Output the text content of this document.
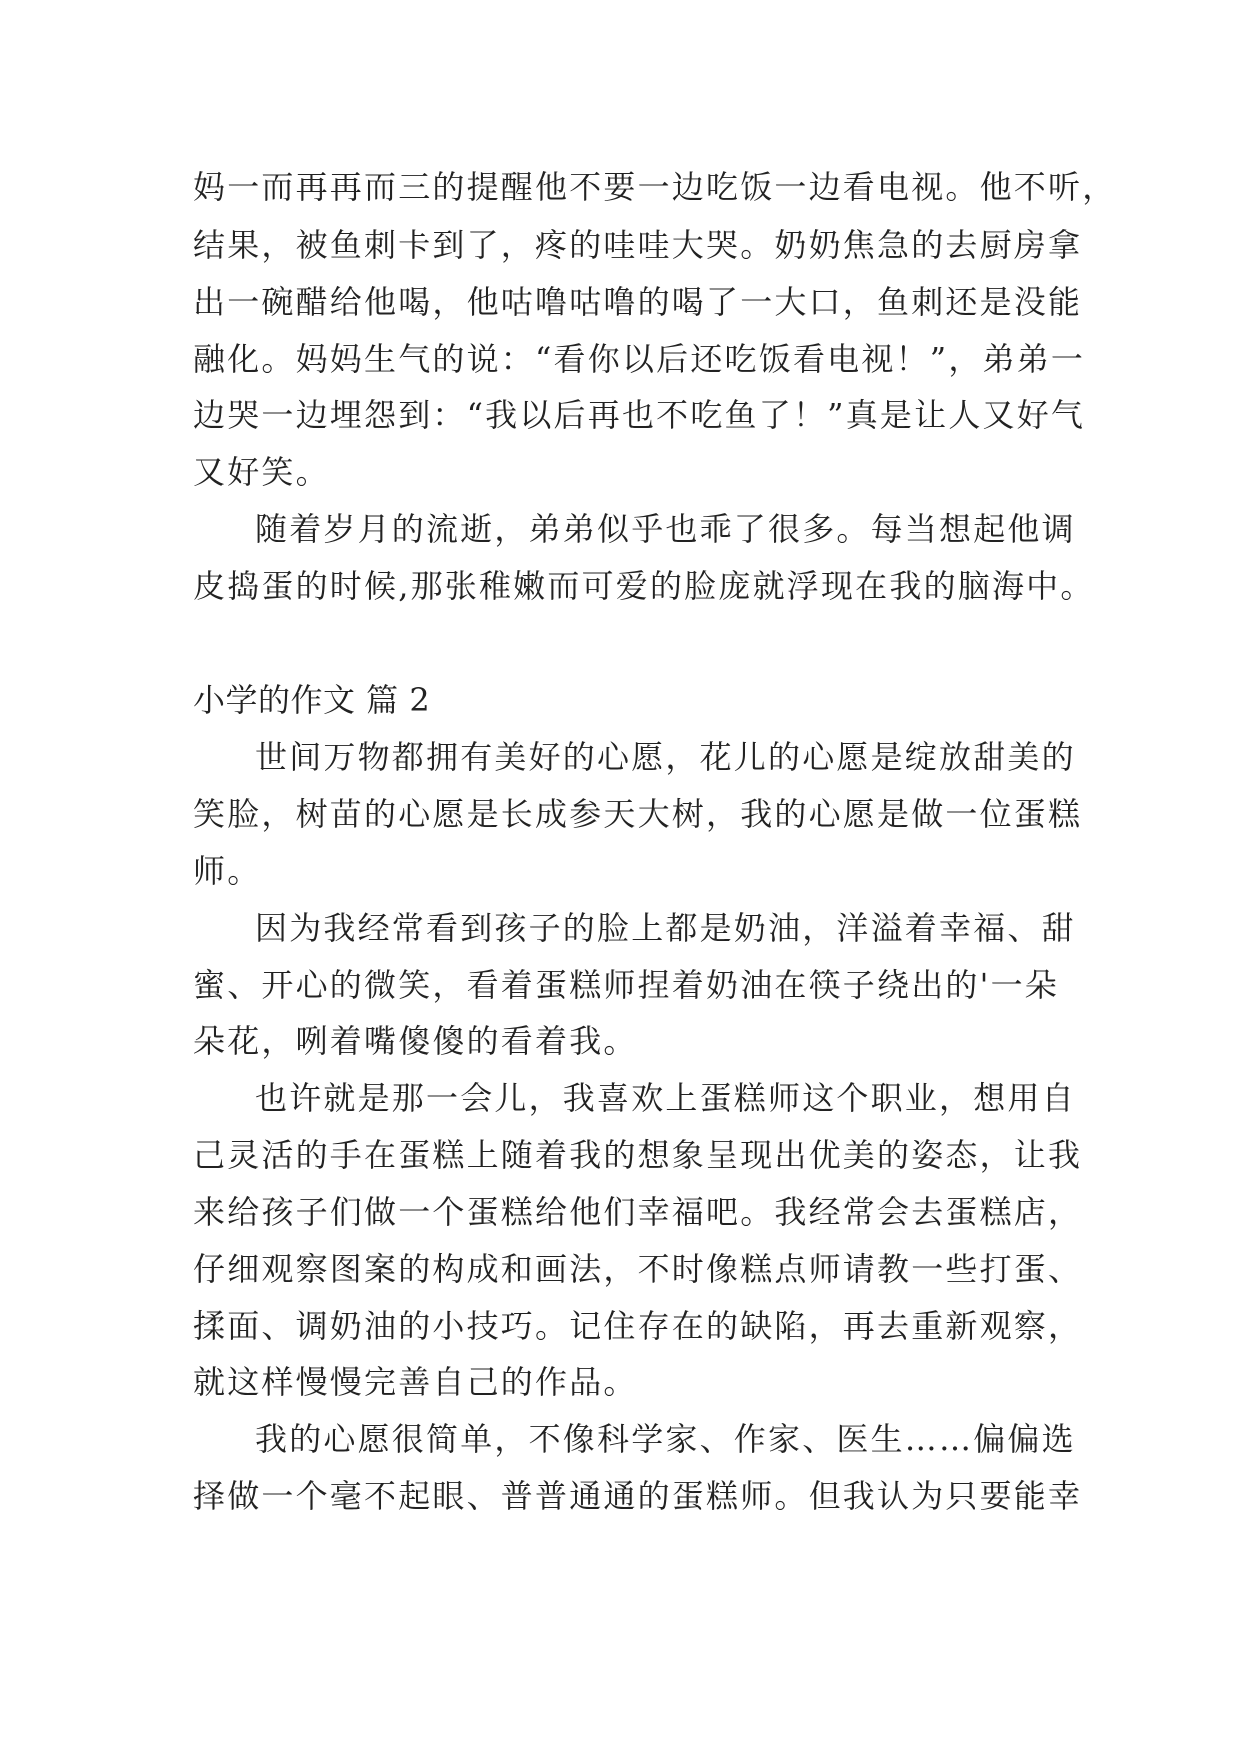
妈一而再再而三的提醒他不要一边吃饭一边看电视。他不听，
结果，被鱼刺卡到了，疼的哇哇大哭。奶奶焦急的去厨房拿
出一碗醋给他喝，他咕噜咕噜的喝了一大口，鱼刺还是没能
融化。妈妈生气的说：“看你以后还吃饭看电视！”，弟弟一
边哭一边埋怨到：“我以后再也不吃鱼了！”真是让人又好气
又好笑。
随着岁月的流逝，弟弟似乎也乖了很多。每当想起他调
皮捣蛋的时候,那张稚嫩而可爱的脸庞就浮现在我的脑海中。
小学的作文 篇 2
世间万物都拥有美好的心愿，花儿的心愿是绽放甜美的
笑脸，树苗的心愿是长成参天大树，我的心愿是做一位蛋糕
师。
因为我经常看到孩子的脸上都是奶油，洋溢着幸福、甜
蜜、开心的微笑，看着蛋糕师捏着奶油在筷子绕出的'一朵
朵花，咧着嘴傻傻的看着我。
也许就是那一会儿，我喜欢上蛋糕师这个职业，想用自
己灵活的手在蛋糕上随着我的想象呈现出优美的姿态，让我
来给孩子们做一个蛋糕给他们幸福吧。我经常会去蛋糕店，
仔细观察图案的构成和画法，不时像糕点师请教一些打蛋、
揉面、调奶油的小技巧。记住存在的缺陷，再去重新观察，
就这样慢慢完善自己的作品。
我的心愿很简单，不像科学家、作家、医生……偏偏选
择做一个毫不起眼、普普通通的蛋糕师。但我认为只要能幸
